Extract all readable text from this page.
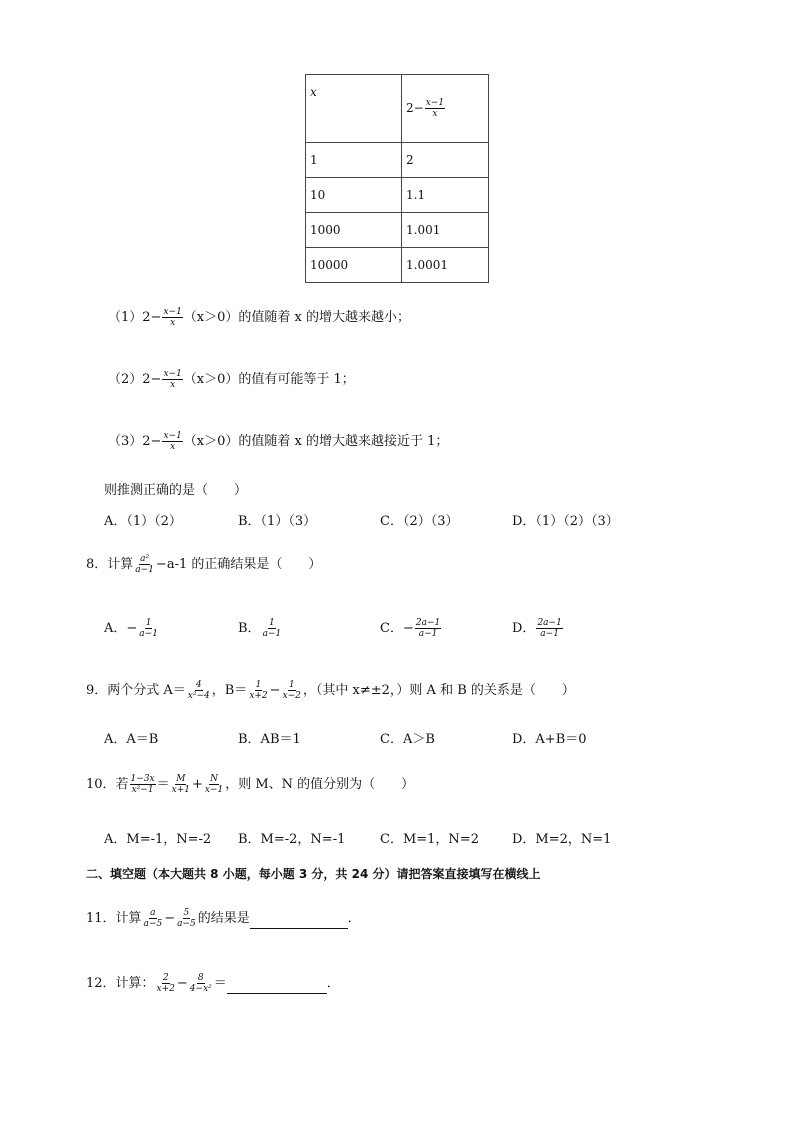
x	$2- \frac{x-1}{x}$

1	2
10	1.1
1000	1.001
10000	1.0001
$(1)2- \frac{x-1}{x} (x>0)$的值随着 x 的增大越来越小；
$(2)2- \frac{x-1}{x} (x>0)$的值有可能等于 1；
$(3)2- \frac{x-1}{x} (x>0)$的值随着 x 的增大越来越接近于 1；
则推测正确的是（　　）
A．（1）（2）	B．（1）（3）	C．（2）（3）	D．（1）（2）（3）
8．计算 $\frac{\text{a²}}{a-1} -a-1$ 的正确结果是（　　）
A．− $\frac{1}{a-1}$	B． $\frac{1}{a-1}$	C．− $\frac{2a-1}{a-1}$	D． $\frac{2a-1}{a-1}$
9．两个分式 $A= \frac{4}{\text{x²−4}}$ ，$B= \frac{1}{x+2} - \frac{1}{x-2}$ ，（其中 x≠±2，）则 A 和 B 的关系是（　　）
A．A＝B	B．AB＝1	C．A＞B	D．A+B＝0
10．若 $\frac{1-3x}{\text{x²−1}} = \frac{M}{x+1} + \frac{N}{x-1}$ ，则 M、N 的值分别为（　　）
A．M=-1，N=-2 B．M=-2，N=-1	C．M=1，N=2	D．M=2，N=1
二、填空题（本大题共 8 小题，每小题 3 分，共 24 分）请把答案直接填写在横线上
11．计算 $\frac{a}{a-5} - \frac{5}{a-5}$ 的结果是	．
12．计算： $\frac{2}{x+2} - \frac{8}{\text{4−x²}}$ ＝	．
